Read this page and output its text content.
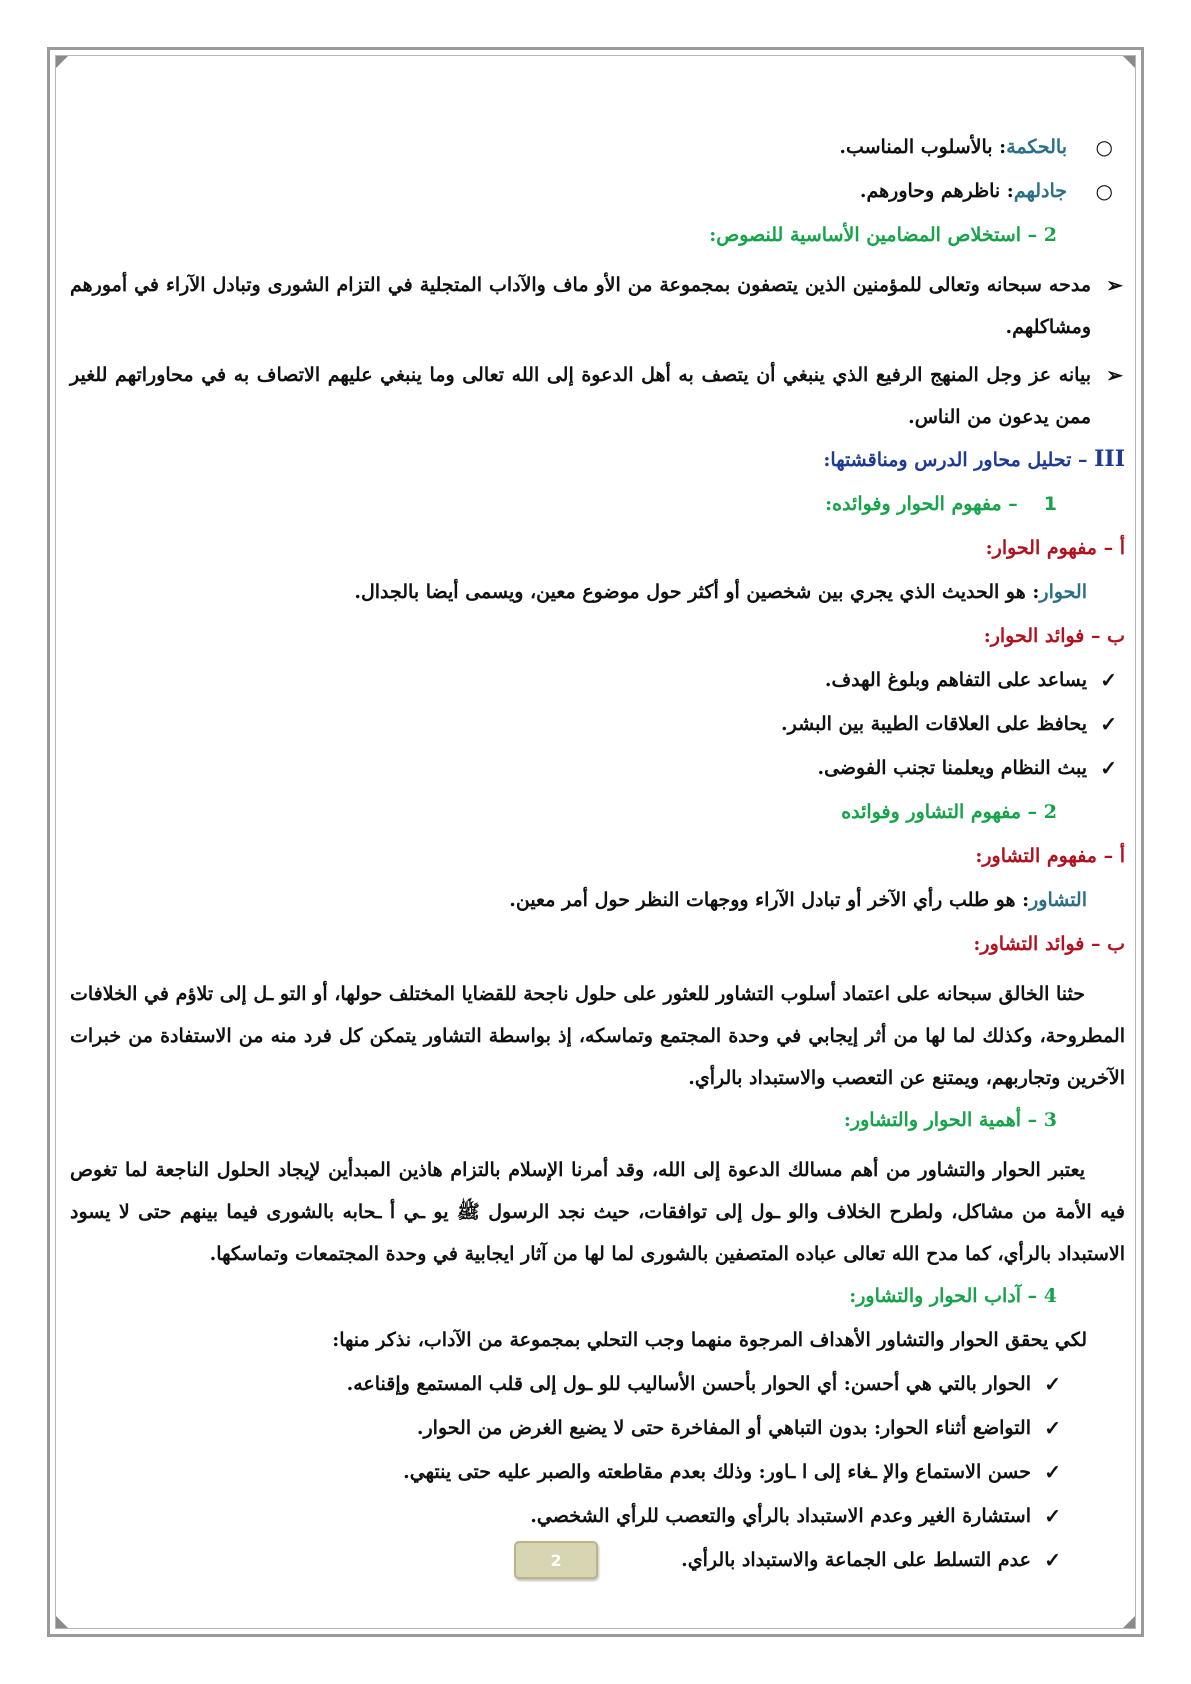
○
بالحكمة: بالأسلوب المناسب.
○
جادلهم: ناظرهم وحاورهم.
2 – استخلاص المضامين الأساسية للنصوص:
➢
مدحه سبحانه وتعالى للمؤمنين الذين يتصفون بمجموعة من الأو ماف والآداب المتجلية في التزام الشورى وتبادل الآراء في أمورهم ومشاكلهم.
➢
بيانه عز وجل المنهج الرفيع الذي ينبغي أن يتصف به أهل الدعوة إلى الله تعالى وما ينبغي عليهم الاتصاف به في محاوراتهم للغير ممن يدعون من الناس.
III – تحليل محاور الدرس ومناقشتها:
1– مفهوم الحوار وفوائده:
أ – مفهوم الحوار:
الحوار: هو الحديث الذي يجري بين شخصين أو أكثر حول موضوع معين، ويسمى أيضا بالجدال.
ب – فوائد الحوار:
✓
يساعد على التفاهم وبلوغ الهدف.
✓
يحافظ على العلاقات الطيبة بين البشر.
✓
يبث النظام ويعلمنا تجنب الفوضى.
2 – مفهوم التشاور وفوائده
أ – مفهوم التشاور:
التشاور: هو طلب رأي الآخر أو تبادل الآراء ووجهات النظر حول أمر معين.
ب – فوائد التشاور:
حثنا الخالق سبحانه على اعتماد أسلوب التشاور للعثور على حلول ناجحة للقضايا المختلف حولها، أو التو ـل إلى تلاؤم في الخلافات المطروحة، وكذلك لما لها من أثر إيجابي في وحدة المجتمع وتماسكه، إذ بواسطة التشاور يتمكن كل فرد منه من الاستفادة من خبرات الآخرين وتجاربهم، ويمتنع عن التعصب والاستبداد بالرأي.
3 – أهمية الحوار والتشاور:
يعتبر الحوار والتشاور من أهم مسالك الدعوة إلى الله، وقد أمرنا الإسلام بالتزام هاذين المبدأين لإيجاد الحلول الناجعة لما تغوص فيه الأمة من مشاكل، ولطرح الخلاف والو ـول إلى توافقات، حيث نجد الرسول ﷺ يو ـي أ ـحابه بالشورى فيما بينهم حتى لا يسود الاستبداد بالرأي، كما مدح الله تعالى عباده المتصفين بالشورى لما لها من آثار ايجابية في وحدة المجتمعات وتماسكها.
4 – آداب الحوار والتشاور:
لكي يحقق الحوار والتشاور الأهداف المرجوة منهما وجب التحلي بمجموعة من الآداب، نذكر منها:
✓
الحوار بالتي هي أحسن: أي الحوار بأحسن الأساليب للو ـول إلى قلب المستمع وإقناعه.
✓
التواضع أثناء الحوار: بدون التباهي أو المفاخرة حتى لا يضيع الغرض من الحوار.
✓
حسن الاستماع والإ ـغاء إلى ا ـاور: وذلك بعدم مقاطعته والصبر عليه حتى ينتهي.
✓
استشارة الغير وعدم الاستبداد بالرأي والتعصب للرأي الشخصي.
✓
عدم التسلط على الجماعة والاستبداد بالرأي.
2
